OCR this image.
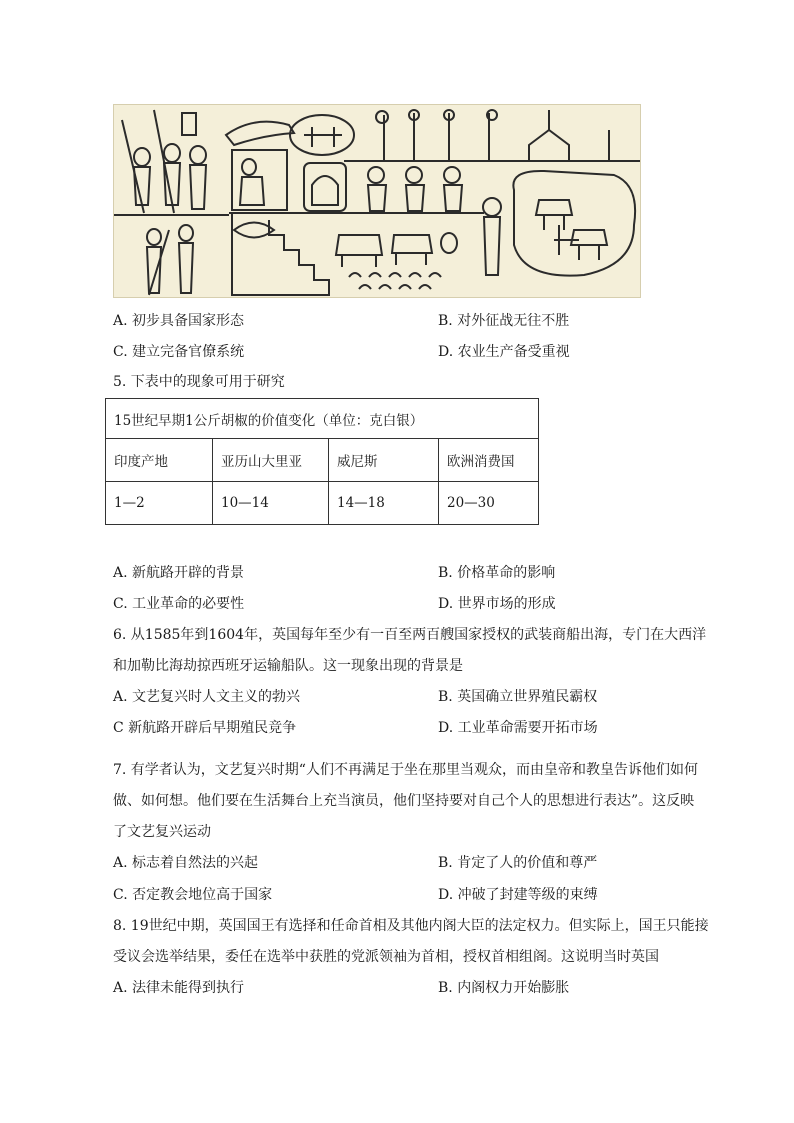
A. 初步具备国家形态	B. 对外征战无往不胜
C. 建立完备官僚系统	D. 农业生产备受重视
5. 下表中的现象可用于研究
15世纪早期1公斤胡椒的价值变化（单位：克白银）			
印度产地	亚历山大里亚	威尼斯	欧洲消费国
1—2	10—14	14—18	20—30
A. 新航路开辟的背景	B. 价格革命的影响
C. 工业革命的必要性	D. 世界市场的形成
6. 从1585年到1604年，英国每年至少有一百至两百艘国家授权的武装商船出海，专门在大西洋
和加勒比海劫掠西班牙运输船队。这一现象出现的背景是
A. 文艺复兴时人文主义的勃兴	B. 英国确立世界殖民霸权
C 新航路开辟后早期殖民竞争	D. 工业革命需要开拓市场
7. 有学者认为，文艺复兴时期“人们不再满足于坐在那里当观众，而由皇帝和教皇告诉他们如何
做、如何想。他们要在生活舞台上充当演员，他们坚持要对自己个人的思想进行表达”。这反映
了文艺复兴运动
A. 标志着自然法的兴起	B. 肯定了人的价值和尊严
C. 否定教会地位高于国家	D. 冲破了封建等级的束缚
8. 19世纪中期，英国国王有选择和任命首相及其他内阁大臣的法定权力。但实际上，国王只能接
受议会选举结果，委任在选举中获胜的党派领袖为首相，授权首相组阁。这说明当时英国
A. 法律未能得到执行	B. 内阁权力开始膨胀
